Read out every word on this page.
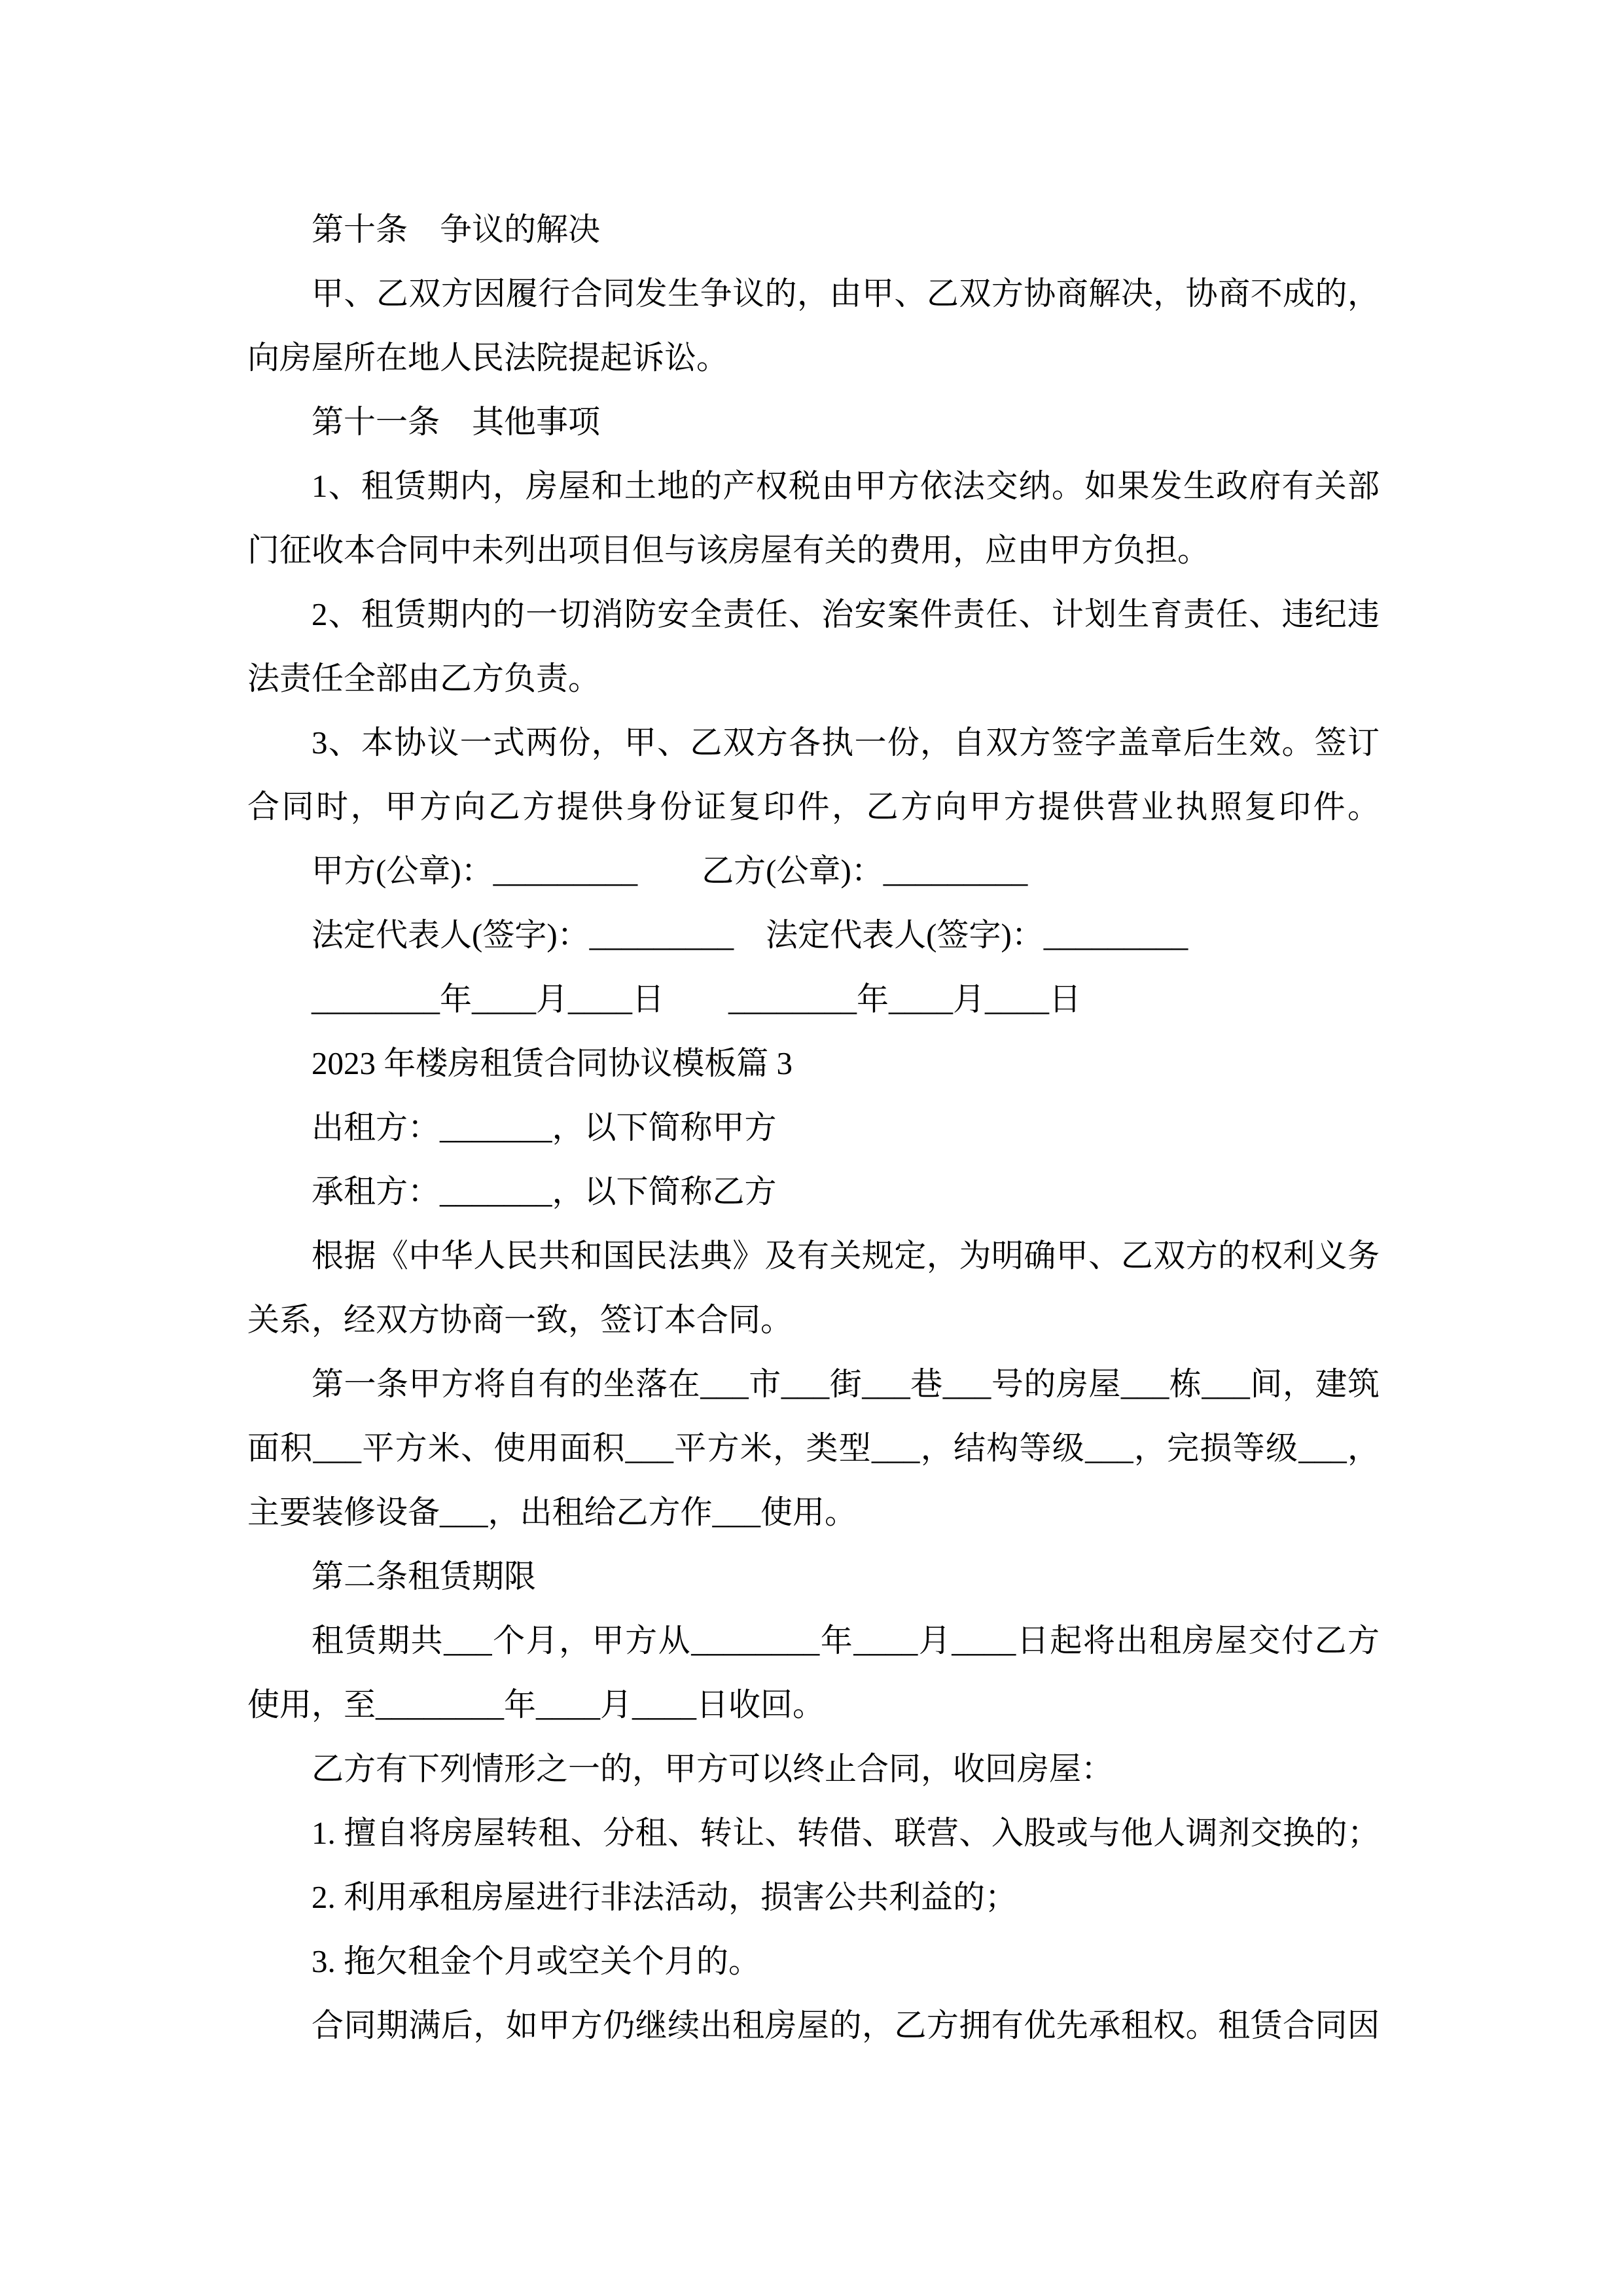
第十条　争议的解决
甲、乙双方因履行合同发生争议的，由甲、乙双方协商解决，协商不成的，
向房屋所在地人民法院提起诉讼。
第十一条　其他事项
1、租赁期内，房屋和土地的产权税由甲方依法交纳。如果发生政府有关部
门征收本合同中未列出项目但与该房屋有关的费用，应由甲方负担。
2、租赁期内的一切消防安全责任、治安案件责任、计划生育责任、违纪违
法责任全部由乙方负责。
3、本协议一式两份，甲、乙双方各执一份，自双方签字盖章后生效。签订
合同时，甲方向乙方提供身份证复印件，乙方向甲方提供营业执照复印件。
甲方(公章)：_________　　乙方(公章)：_________
法定代表人(签字)：_________　法定代表人(签字)：_________
________年____月____日　　________年____月____日
2023 年楼房租赁合同协议模板篇 3
出租方：_______，以下简称甲方
承租方：_______，以下简称乙方
根据《中华人民共和国民法典》及有关规定，为明确甲、乙双方的权利义务
关系，经双方协商一致，签订本合同。
第一条甲方将自有的坐落在___市___街___巷___号的房屋___栋___间，建筑
面积___平方米、使用面积___平方米，类型___，结构等级___，完损等级___，
主要装修设备___，出租给乙方作___使用。
第二条租赁期限
租赁期共___个月，甲方从________年____月____日起将出租房屋交付乙方
使用，至________年____月____日收回。
乙方有下列情形之一的，甲方可以终止合同，收回房屋：
1. 擅自将房屋转租、分租、转让、转借、联营、入股或与他人调剂交换的；
2. 利用承租房屋进行非法活动，损害公共利益的；
3. 拖欠租金个月或空关个月的。
合同期满后，如甲方仍继续出租房屋的，乙方拥有优先承租权。租赁合同因
